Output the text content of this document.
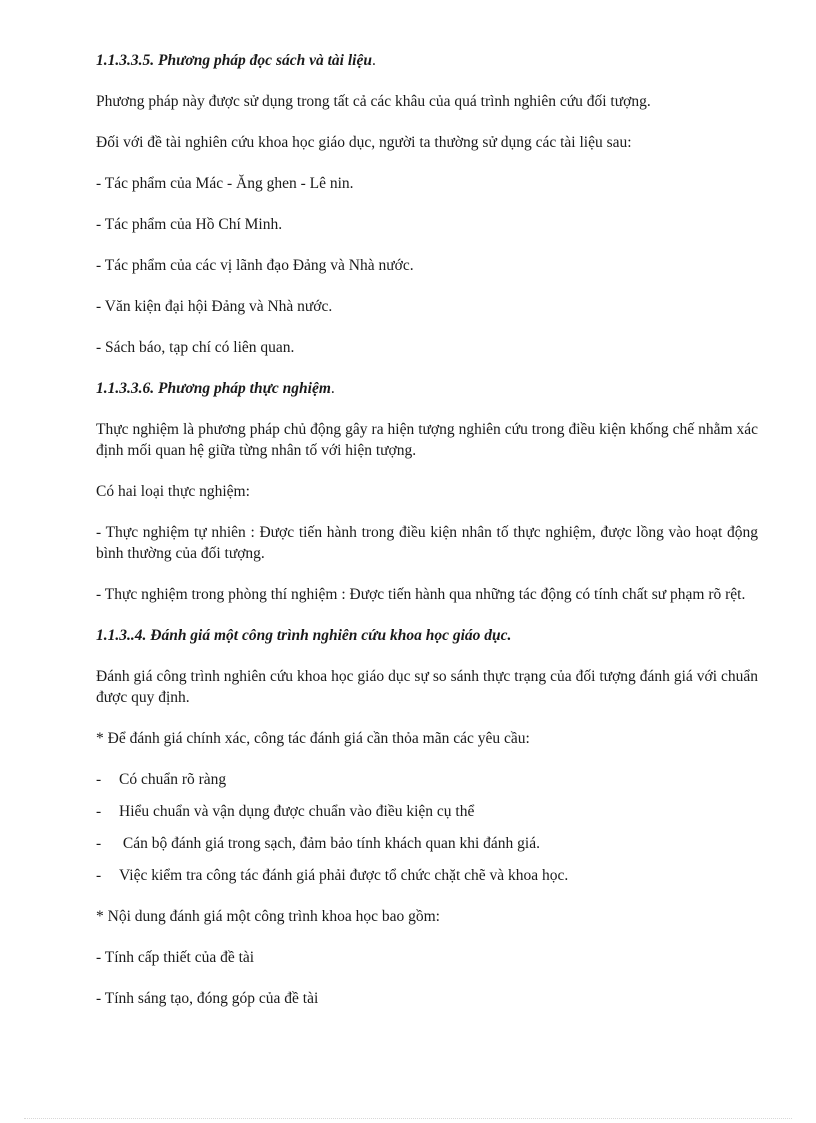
1.1.3.3.5. Phương pháp đọc sách và tài liệu.

Phương pháp này được sử dụng trong tất cả các khâu của quá trình nghiên cứu đối tượng.

Đối với đề tài nghiên cứu khoa học giáo dục, người ta thường sử dụng các tài liệu sau:

- Tác phẩm của Mác - Ăng ghen - Lê nin.

- Tác phẩm của Hồ Chí Minh.

- Tác phẩm của các vị lãnh đạo Đảng và Nhà nước.

- Văn kiện đại hội Đảng và Nhà nước.

- Sách báo, tạp chí có liên quan.

1.1.3.3.6. Phương pháp thực nghiệm.

Thực nghiệm là phương pháp chủ động gây ra hiện tượng nghiên cứu trong điều kiện khống chế nhằm xác định mối quan hệ giữa từng nhân tố với hiện tượng.

Có hai loại thực nghiệm:

- Thực nghiệm tự nhiên : Được tiến hành trong điều kiện nhân tố thực nghiệm, được lồng vào hoạt động bình thường của đối tượng.

- Thực nghiệm trong phòng thí nghiệm : Được tiến hành qua những tác động có tính chất sư phạm rõ rệt.

1.1.3..4. Đánh giá một công trình nghiên cứu khoa học giáo dục.

Đánh giá công trình nghiên cứu khoa học giáo dục sự so sánh thực trạng của đối tượng đánh giá với chuẩn được quy định.

* Để đánh giá chính xác, công tác đánh giá cần thỏa mãn các yêu cầu:

-	Có chuẩn rõ ràng
-	Hiểu chuẩn và vận dụng được chuẩn vào điều kiện cụ thể
-	Cán bộ đánh giá trong sạch, đảm bảo tính khách quan khi đánh giá.
-	Việc kiểm tra công tác đánh giá phải được tổ chức chặt chẽ và khoa học.

* Nội dung đánh giá một công trình khoa học bao gồm:

- Tính cấp thiết của đề tài

- Tính sáng tạo, đóng góp của đề tài
